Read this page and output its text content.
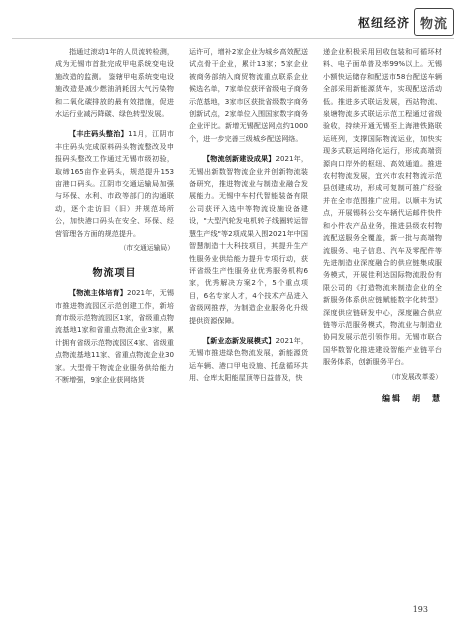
枢纽经济 物流

指通过滚动1年的人员流转检测，成为无锡市首批完成甲电系统变电设施改造的监测。 鉴辖甲电系统变电设施改造是减少燃油消耗因大气污染物和二氧化碳排放的最有效措施，促进水运行业减污降碳、绿色转型发展。

【丰庄码头整治】11月，江阴市丰庄码头完成原料码头物流整改及申报码头整改工作通过无锡市级初验，取缔165亩作业码头，规范提升153亩港口码头。江阴市交通运输局加强与环保、水利、市政等部门的沟通联动，逐个走访旧（旧）并规范场所公，加快港口码头在安全、环保、经营管理各方面的规范提升。

（市交通运输局）

物流项目

【物流主体培育】2021年，无锡市推进物流园区示范创建工作，新培育市级示范物流园区1家，省级重点物流基地1家和省重点物流企业3家，累计拥有省级示范物流园区4家、省级重点物流基地11家、省重点物流企业30家。大型骨干物流企业服务供给能力不断增强，9家企业获网络货

运许可，增补2家企业为城乡高效配送试点骨干企业，累计13家；5家企业被商务部纳入商贸物流重点联系企业候选名单，7家单位获评省级电子商务示范基地，3家市区获批省级数字商务创新试点，2家单位入围国家数字商务企业评比。新增无锡配送网点约1000个，进一步完善三级城乡配送网络。

【物流创新建设成果】2021年，无锡出新数智物流企业并创新物流装备研究，推进物流业与制造业融合发展能力。无锡中车村代智能装备有限公司获评入选中等物流设施设备建设，"大型汽轮发电机转子线圈转运智慧生产线"等2项成果入围2021年中国智慧制造十大科技项目，其提升生产性服务业供给能力提升专项行动，获评省级生产性服务业优秀服务机构6家，优秀解决方案2个，5个重点项目，6名专家人才，4个技术产品进入省级网推荐，为制造企业服务化升级提供资源保障。

【新业态新发展模式】2021年，无锡市推进绿色物流发展，新能源货运车辆、港口甲电设施、托盘循环共用、仓库太阳能屋顶等日益普及，快

递企业积极采用回收包装和可循环材料、电子面单普及率99%以上。无锡小额快运储存和配送市58台配送车辆全部采用新能源货车，实现配送活动低。推进多式联运发展，西站物流、泉塘物流多式联运示范工程通过省级验收，持续开通无锡至上海港铁路联运班列，支撑国际物流运业，加快实现多式联运网络化运行，形成高端资源向口岸外的枢纽、高效通道。推进农村物流发展，宜兴市农村物流示范县创建成功，形成可复制可推广经验并在全市范围推广应用。以顺丰为试点，开展锡科公交车辆代运邮件快件和小件农产品业务，推进县级农村物流配送服务全覆盖，新一批与高端物流服务、电子信息、汽车及零配件等先进制造业深度融合的供应链集成服务模式，开展佳利达国际物流股份有限公司的《打造物流来制造企业的全新服务体系供应链赋能数字化转型》深度供应链研发中心，深度融合供应链等示范服务模式，物流业与制造业协同发展示范引领作用。无锡市联合国华数智化推进建设智能产业链平台服务体系，创新服务平台。

（市发展改革委）

编辑　胡　慧
193
